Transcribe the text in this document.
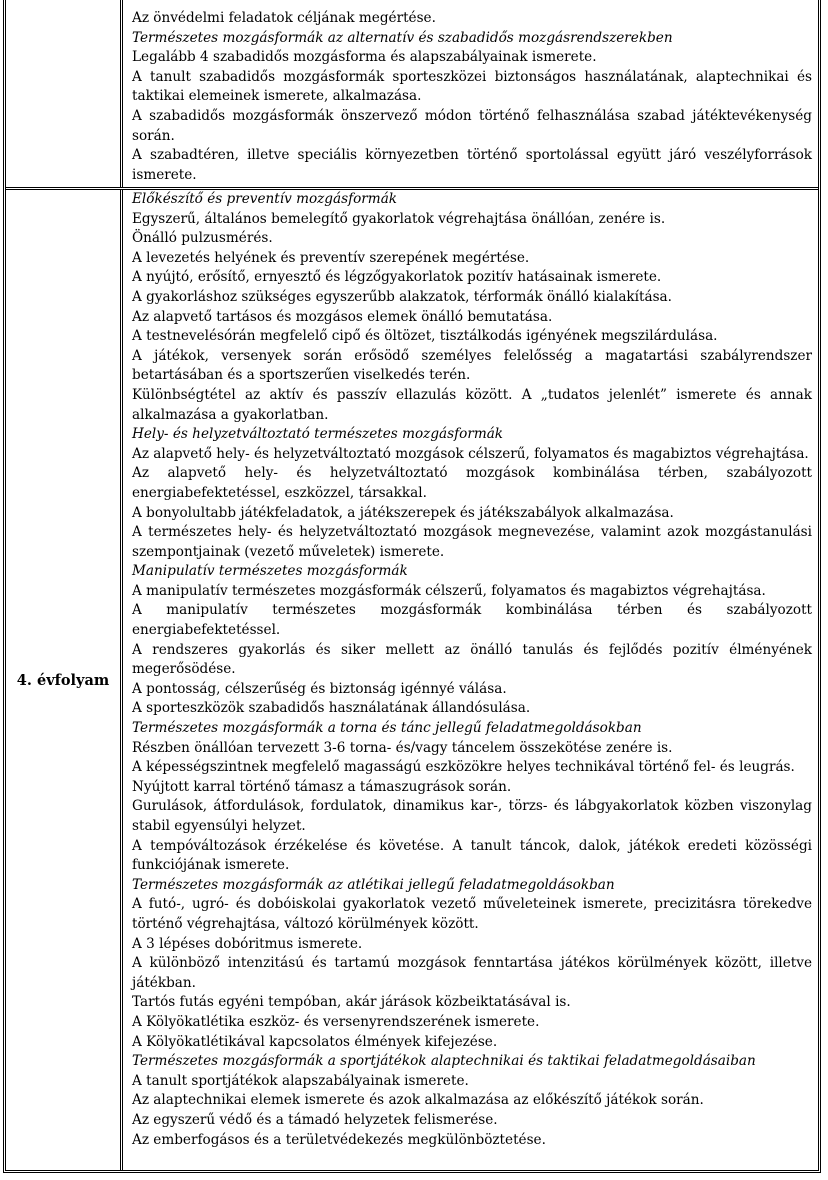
Az önvédelmi feladatok céljának megértése.

Természetes mozgásformák az alternatív és szabadidős mozgásrendszerekben

Legalább 4 szabadidős mozgásforma és alapszabályainak ismerete.

A tanult szabadidős mozgásformák sporteszközei biztonságos használatának, alaptechnikai és taktikai elemeinek ismerete, alkalmazása.

A szabadidős mozgásformák önszervező módon történő felhasználása szabad játéktevékenység során.

A szabadtéren, illetve speciális környezetben történő sportolással együtt járó veszélyforrások ismerete.

4. évfolyam

Előkészítő és preventív mozgásformák

Egyszerű, általános bemelegítő gyakorlatok végrehajtása önállóan, zenére is.

Önálló pulzusmérés.

A levezetés helyének és preventív szerepének megértése.

A nyújtó, erősítő, ernyesztő és légzőgyakorlatok pozitív hatásainak ismerete.

A gyakorláshoz szükséges egyszerűbb alakzatok, térformák önálló kialakítása.

Az alapvető tartásos és mozgásos elemek önálló bemutatása.

A testnevelésórán megfelelő cipő és öltözet, tisztálkodás igényének megszilárdulása.

A játékok, versenyek során erősödő személyes felelősség a magatartási szabályrendszer betartásában és a sportszerűen viselkedés terén.

Különbségtétel az aktív és passzív ellazulás között. A „tudatos jelenlét” ismerete és annak alkalmazása a gyakorlatban.

Hely- és helyzetváltoztató természetes mozgásformák

Az alapvető hely- és helyzetváltoztató mozgások célszerű, folyamatos és magabiztos végrehajtása.

Az alapvető hely- és helyzetváltoztató mozgások kombinálása térben, szabályozott energiabefektetéssel, eszközzel, társakkal.

A bonyolultabb játékfeladatok, a játékszerepek és játékszabályok alkalmazása.

A természetes hely- és helyzetváltoztató mozgások megnevezése, valamint azok mozgástanulási szempontjainak (vezető műveletek) ismerete.

Manipulatív természetes mozgásformák

A manipulatív természetes mozgásformák célszerű, folyamatos és magabiztos végrehajtása.

A manipulatív természetes mozgásformák kombinálása térben és szabályozott energiabefektetéssel.

A rendszeres gyakorlás és siker mellett az önálló tanulás és fejlődés pozitív élményének megerősödése.

A pontosság, célszerűség és biztonság igénnyé válása.

A sporteszközök szabadidős használatának állandósulása.

Természetes mozgásformák a torna és tánc jellegű feladatmegoldásokban

Részben önállóan tervezett 3-6 torna- és/vagy táncelem összekötése zenére is.

A képességszintnek megfelelő magasságú eszközökre helyes technikával történő fel- és leugrás.

Nyújtott karral történő támasz a támaszugrások során.

Gurulások, átfordulások, fordulatok, dinamikus kar-, törzs- és lábgyakorlatok közben viszonylag stabil egyensúlyi helyzet.

A tempóváltozások érzékelése és követése. A tanult táncok, dalok, játékok eredeti közösségi funkciójának ismerete.

Természetes mozgásformák az atlétikai jellegű feladatmegoldásokban

A futó-, ugró- és dobóiskolai gyakorlatok vezető műveleteinek ismerete, precizitásra törekedve történő végrehajtása, változó körülmények között.

A 3 lépéses dobóritmus ismerete.

A különböző intenzitású és tartamú mozgások fenntartása játékos körülmények között, illetve játékban.

Tartós futás egyéni tempóban, akár járások közbeiktatásával is.

A Kölyökatlétika eszköz- és versenyrendszerének ismerete.

A Kölyökatlétikával kapcsolatos élmények kifejezése.

Természetes mozgásformák a sportjátékok alaptechnikai és taktikai feladatmegoldásaiban

A tanult sportjátékok alapszabályainak ismerete.

Az alaptechnikai elemek ismerete és azok alkalmazása az előkészítő játékok során.

Az egyszerű védő és a támadó helyzetek felismerése.

Az emberfogásos és a területvédekezés megkülönböztetése.
